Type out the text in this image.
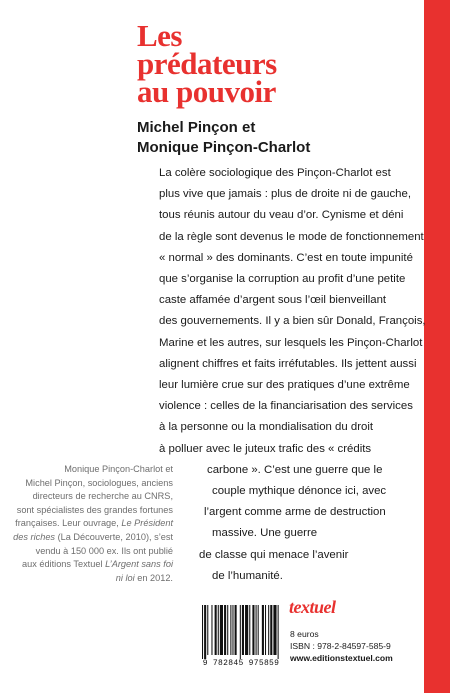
Les
prédateurs
au pouvoir
Michel Pinçon et
Monique Pinçon-Charlot
La colère sociologique des Pinçon-Charlot est
plus vive que jamais : plus de droite ni de gauche,
tous réunis autour du veau d’or. Cynisme et déni
de la règle sont devenus le mode de fonctionnement
« normal » des dominants. C’est en toute impunité
que s’organise la corruption au profit d’une petite
caste affamée d’argent sous l’œil bienveillant
des gouvernements. Il y a bien sûr Donald, François,
Marine et les autres, sur lesquels les Pinçon-Charlot
alignent chiffres et faits irréfutables. Ils jettent aussi
leur lumière crue sur des pratiques d’une extrême
violence : celles de la financiarisation des services
à la personne ou la mondialisation du droit
à polluer avec le juteux trafic des « crédits
carbone ». C’est une guerre que le
couple mythique dénonce ici, avec
l’argent comme arme de destruction
massive. Une guerre
de classe qui menace l’avenir
de l’humanité.
Monique Pinçon-Charlot et
Michel Pinçon, sociologues, anciens
directeurs de recherche au CNRS,
sont spécialistes des grandes fortunes
françaises. Leur ouvrage, Le Président
des riches (La Découverte, 2010), s’est
vendu à 150 000 ex. Ils ont publié
aux éditions Textuel L’Argent sans foi
ni loi en 2012.
9 782845 975859
textuel
8 euros
ISBN : 978-2-84597-585-9
www.editionstextuel.com
